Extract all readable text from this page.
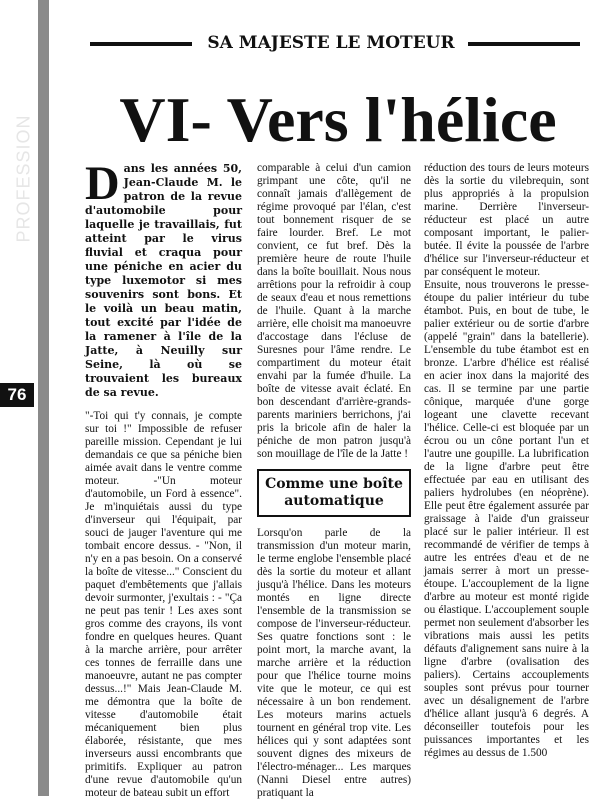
PROFESSION
76
SA MAJESTE LE MOTEUR
VI- Vers l'hélice

Dans les années 50, Jean-Claude M. le patron de la revue d'automobile pour laquelle je travaillais, fut atteint par le virus fluvial et craqua pour une péniche en acier du type luxemotor si mes souvenirs sont bons. Et le voilà un beau matin, tout excité par l'idée de la ramener à l'île de la Jatte, à Neuilly sur Seine, là où se trouvaient les bureaux de sa revue.

"-Toi qui t'y connais, je compte sur toi !" Impossible de refuser pareille mission. Cependant je lui demandais ce que sa péniche bien aimée avait dans le ventre comme moteur. -"Un moteur d'automobile, un Ford à essence". Je m'inquiétais aussi du type d'inverseur qui l'équipait, par souci de jauger l'aventure qui me tombait encore dessus. - "Non, il n'y en a pas besoin. On a conservé la boîte de vitesse..." Conscient du paquet d'embêtements que j'allais devoir surmonter, j'exultais : - "Ça ne peut pas tenir ! Les axes sont gros comme des crayons, ils vont fondre en quelques heures. Quant à la marche arrière, pour arrêter ces tonnes de ferraille dans une manoeuvre, autant ne pas compter dessus...!" Mais Jean-Claude M. me démontra que la boîte de vitesse d'automobile était mécaniquement bien plus élaborée, résistante, que mes inverseurs aussi encombrants que primitifs. Expliquer au patron d'une revue d'automobile qu'un moteur de bateau subit un effort

comparable à celui d'un camion grimpant une côte, qu'il ne connaît jamais d'allègement de régime provoqué par l'élan, c'est tout bonnement risquer de se faire lourder. Bref. Le mot convient, ce fut bref. Dès la première heure de route l'huile dans la boîte bouillait. Nous nous arrêtions pour la refroidir à coup de seaux d'eau et nous remettions de l'huile. Quant à la marche arrière, elle choisit ma manoeuvre d'accostage dans l'écluse de Suresnes pour l'âme rendre. Le compartiment du moteur était envahi par la fumée d'huile. La boîte de vitesse avait éclaté. En bon descendant d'arrière-grands-parents mariniers berrichons, j'ai pris la bricole afin de haler la péniche de mon patron jusqu'à son mouillage de l'île de la Jatte !

Comme une boîte automatique

Lorsqu'on parle de la transmission d'un moteur marin, le terme englobe l'ensemble placé dès la sortie du moteur et allant jusqu'à l'hélice. Dans les moteurs montés en ligne directe l'ensemble de la transmission se compose de l'inverseur-réducteur. Ses quatre fonctions sont : le point mort, la marche avant, la marche arrière et la réduction pour que l'hélice tourne moins vite que le moteur, ce qui est nécessaire à un bon rendement. Les moteurs marins actuels tournent en général trop vite. Les hélices qui y sont adaptées sont souvent dignes des mixeurs de l'électro-ménager... Les marques (Nanni Diesel entre autres) pratiquant la

réduction des tours de leurs moteurs dès la sortie du vilebrequin, sont plus appropriés à la propulsion marine. Derrière l'inverseur-réducteur est placé un autre composant important, le palier-butée. Il évite la poussée de l'arbre d'hélice sur l'inverseur-réducteur et par conséquent le moteur.

Ensuite, nous trouverons le presse-étoupe du palier intérieur du tube étambot. Puis, en bout de tube, le palier extérieur ou de sortie d'arbre (appelé "grain" dans la batellerie). L'ensemble du tube étambot est en bronze. L'arbre d'hélice est réalisé en acier inox dans la majorité des cas. Il se termine par une partie cônique, marquée d'une gorge logeant une clavette recevant l'hélice. Celle-ci est bloquée par un écrou ou un cône portant l'un et l'autre une goupille. La lubrification de la ligne d'arbre peut être effectuée par eau en utilisant des paliers hydrolubes (en néoprène). Elle peut être également assurée par graissage à l'aide d'un graisseur placé sur le palier intérieur. Il est recommandé de vérifier de temps à autre les entrées d'eau et de ne jamais serrer à mort un presse-étoupe. L'accouplement de la ligne d'arbre au moteur est monté rigide ou élastique. L'accouplement souple permet non seulement d'absorber les vibrations mais aussi les petits défauts d'alignement sans nuire à la ligne d'arbre (ovalisation des paliers). Certains accouplements souples sont prévus pour tourner avec un désalignement de l'arbre d'hélice allant jusqu'à 6 degrés. A déconseiller toutefois pour les puissances importantes et les régimes au dessus de 1.500
